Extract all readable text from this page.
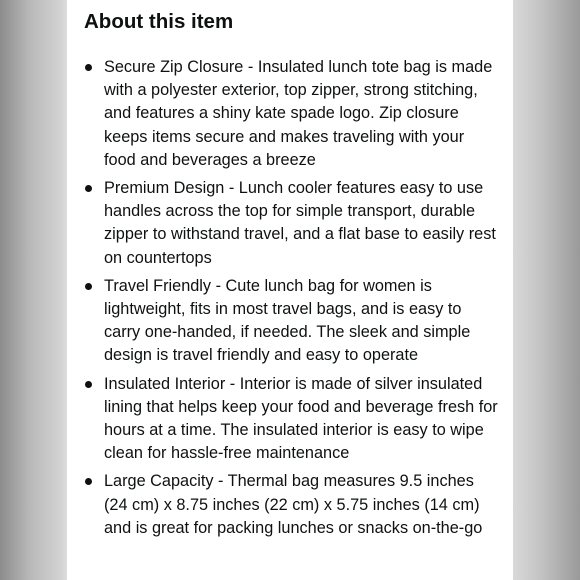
About this item
Secure Zip Closure - Insulated lunch tote bag is made with a polyester exterior, top zipper, strong stitching, and features a shiny kate spade logo. Zip closure keeps items secure and makes traveling with your food and beverages a breeze
Premium Design - Lunch cooler features easy to use handles across the top for simple transport, durable zipper to withstand travel, and a flat base to easily rest on countertops
Travel Friendly - Cute lunch bag for women is lightweight, fits in most travel bags, and is easy to carry one-handed, if needed. The sleek and simple design is travel friendly and easy to operate
Insulated Interior - Interior is made of silver insulated lining that helps keep your food and beverage fresh for hours at a time. The insulated interior is easy to wipe clean for hassle-free maintenance
Large Capacity - Thermal bag measures 9.5 inches (24 cm) x 8.75 inches (22 cm) x 5.75 inches (14 cm) and is great for packing lunches or snacks on-the-go
